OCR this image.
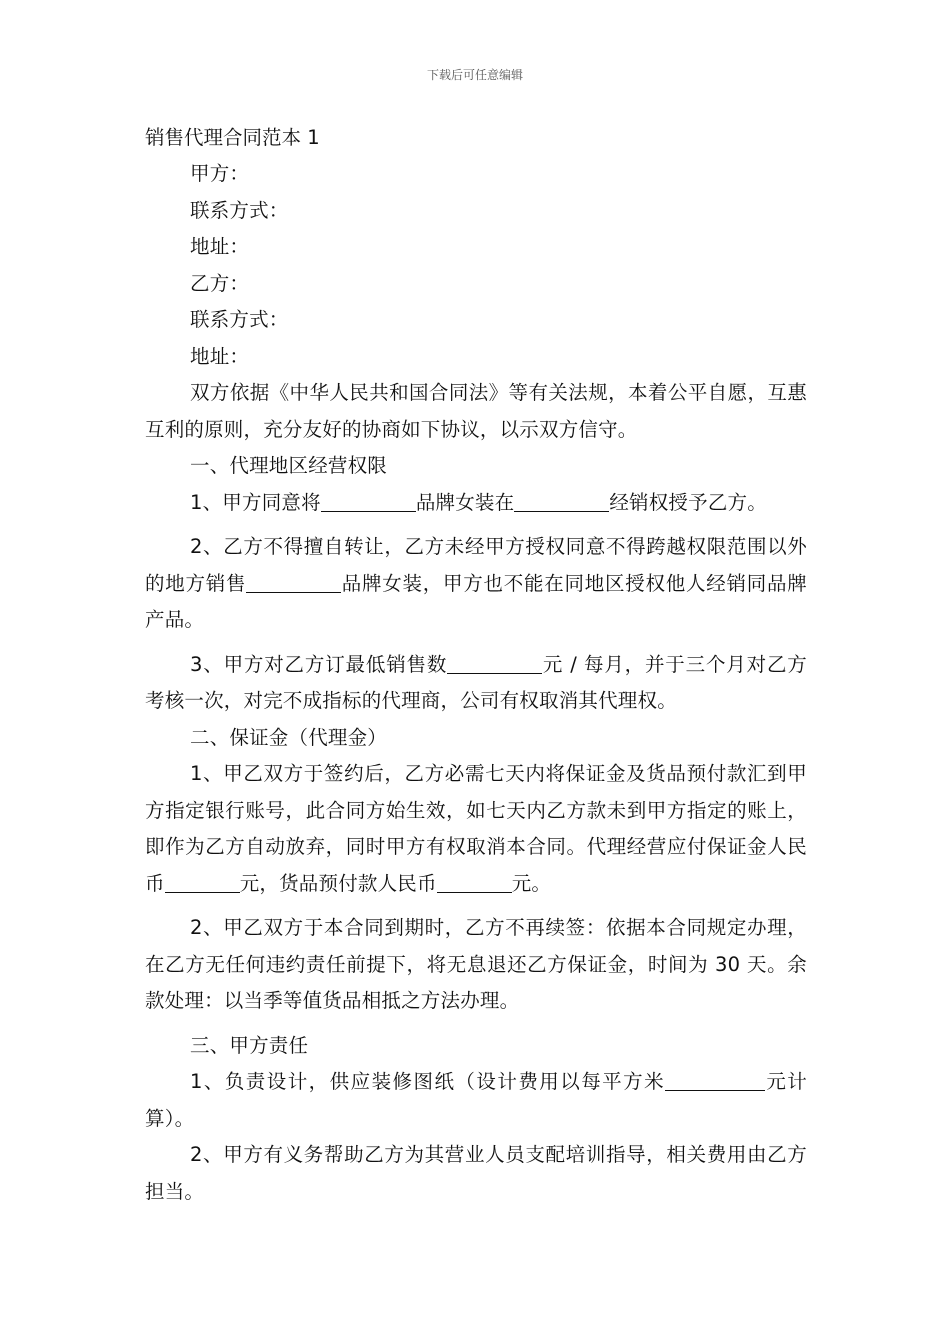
下载后可任意编辑
销售代理合同范本 1

甲方：

联系方式：

地址：

乙方：

联系方式：

地址：

双方依据《中华人民共和国合同法》等有关法规，本着公平自愿，互惠互利的原则，充分友好的协商如下协议，以示双方信守。

一、代理地区经营权限

1、甲方同意将	品牌女装在	经销权授予乙方。

2、乙方不得擅自转让，乙方未经甲方授权同意不得跨越权限范围以外的地方销售	品牌女装，甲方也不能在同地区授权他人经销同品牌产品。

3、甲方对乙方订最低销售数	元 / 每月，并于三个月对乙方考核一次，对完不成指标的代理商，公司有权取消其代理权。

二、保证金（代理金）

1、甲乙双方于签约后，乙方必需七天内将保证金及货品预付款汇到甲方指定银行账号，此合同方始生效，如七天内乙方款未到甲方指定的账上，即作为乙方自动放弃，同时甲方有权取消本合同。代理经营应付保证金人民币	元，货品预付款人民币	元。

2、甲乙双方于本合同到期时，乙方不再续签：依据本合同规定办理，在乙方无任何违约责任前提下，将无息退还乙方保证金，时间为 30 天。余款处理：以当季等值货品相抵之方法办理。

三、甲方责任

1、负责设计，供应装修图纸（设计费用以每平方米	元计算）。

2、甲方有义务帮助乙方为其营业人员支配培训指导，相关费用由乙方担当。
